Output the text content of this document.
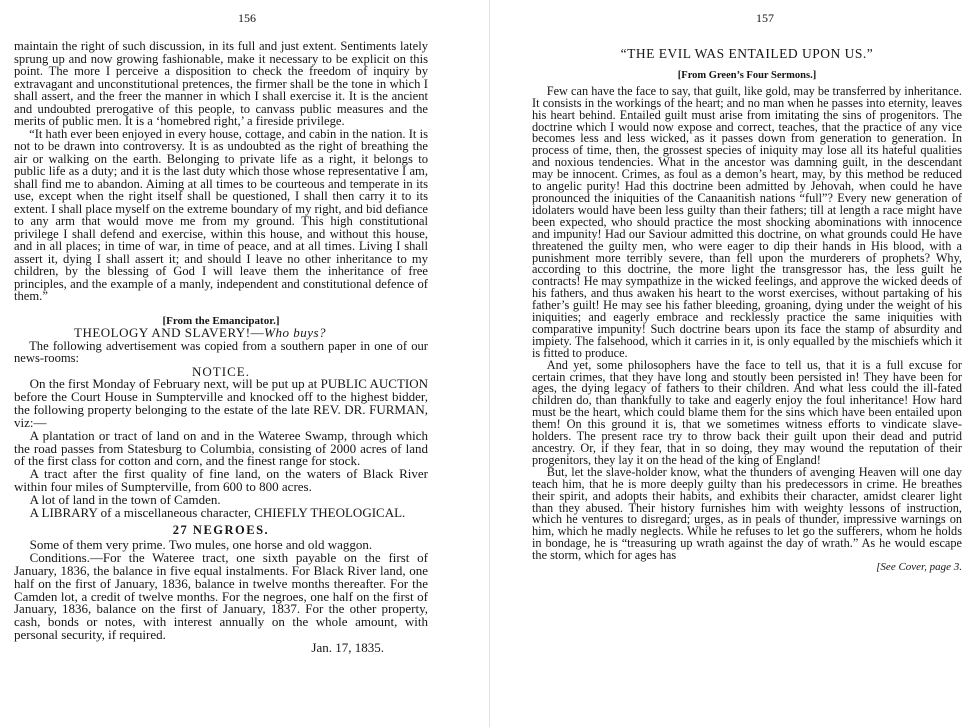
156

maintain the right of such discussion, in its full and just extent. Sentiments lately sprung up and now growing fashionable, make it necessary to be explicit on this point. The more I perceive a disposition to check the freedom of inquiry by extravagant and unconstitutional pretences, the firmer shall be the tone in which I shall assert, and the freer the manner in which I shall exercise it. It is the ancient and undoubted prerogative of this people, to canvass public measures and the merits of public men. It is a ‘homebred right,’ a fireside privilege.

“It hath ever been enjoyed in every house, cottage, and cabin in the nation. It is not to be drawn into controversy. It is as undoubted as the right of breathing the air or walking on the earth. Belonging to private life as a right, it belongs to public life as a duty; and it is the last duty which those whose representative I am, shall find me to abandon. Aiming at all times to be courteous and temperate in its use, except when the right itself shall be questioned, I shall then carry it to its extent. I shall place myself on the extreme boundary of my right, and bid defiance to any arm that would move me from my ground. This high constitutional privilege I shall defend and exercise, within this house, and without this house, and in all places; in time of war, in time of peace, and at all times. Living I shall assert it, dying I shall assert it; and should I leave no other inheritance to my children, by the blessing of God I will leave them the inheritance of free principles, and the example of a manly, independent and constitutional defence of them.”

[From the Emancipator.]
THEOLOGY AND SLAVERY!—Who buys?

The following advertisement was copied from a southern paper in one of our news-rooms:

NOTICE.

On the first Monday of February next, will be put up at PUBLIC AUCTION before the Court House in Sumpterville and knocked off to the highest bidder, the following property belonging to the estate of the late REV. DR. FURMAN, viz:—

A plantation or tract of land on and in the Wateree Swamp, through which the road passes from Statesburg to Columbia, consisting of 2000 acres of land of the first class for cotton and corn, and the finest range for stock.

A tract after the first quality of fine land, on the waters of Black River within four miles of Sumpterville, from 600 to 800 acres.

A lot of land in the town of Camden.

A LIBRARY of a miscellaneous character, CHIEFLY THEOLOGICAL.

27 NEGROES.

Some of them very prime. Two mules, one horse and old waggon.

Conditions.—For the Wateree tract, one sixth payable on the first of January, 1836, the balance in five equal instalments. For Black River land, one half on the first of January, 1836, balance in twelve months thereafter. For the Camden lot, a credit of twelve months. For the negroes, one half on the first of January, 1836, balance on the first of January, 1837. For the other property, cash, bonds or notes, with interest annually on the whole amount, with personal security, if required.

Jan. 17, 1835.
157
“THE EVIL WAS ENTAILED UPON US.”
[From Green’s Four Sermons.]

Few can have the face to say, that guilt, like gold, may be transferred by inheritance. It consists in the workings of the heart; and no man when he passes into eternity, leaves his heart behind. Entailed guilt must arise from imitating the sins of progenitors. The doctrine which I would now expose and correct, teaches, that the practice of any vice becomes less and less wicked, as it passes down from generation to generation. In process of time, then, the grossest species of iniquity may lose all its hateful qualities and noxious tendencies. What in the ancestor was damning guilt, in the descendant may be innocent. Crimes, as foul as a demon’s heart, may, by this method be reduced to angelic purity! Had this doctrine been admitted by Jehovah, when could he have pronounced the iniquities of the Canaanitish nations “full”? Every new generation of idolaters would have been less guilty than their fathers; till at length a race might have been expected, who should practice the most shocking abominations with innocence and impunity! Had our Saviour admitted this doctrine, on what grounds could He have threatened the guilty men, who were eager to dip their hands in His blood, with a punishment more terribly severe, than fell upon the murderers of prophets? Why, according to this doctrine, the more light the transgressor has, the less guilt he contracts! He may sympathize in the wicked feelings, and approve the wicked deeds of his fathers, and thus awaken his heart to the worst exercises, without partaking of his father’s guilt! He may see his father bleeding, groaning, dying under the weight of his iniquities; and eagerly embrace and recklessly practice the same iniquities with comparative impunity! Such doctrine bears upon its face the stamp of absurdity and impiety. The falsehood, which it carries in it, is only equalled by the mischiefs which it is fitted to produce.

And yet, some philosophers have the face to tell us, that it is a full excuse for certain crimes, that they have long and stoutly been persisted in! They have been for ages, the dying legacy of fathers to their children. And what less could the ill-fated children do, than thankfully to take and eagerly enjoy the foul inheritance! How hard must be the heart, which could blame them for the sins which have been entailed upon them! On this ground it is, that we sometimes witness efforts to vindicate slave-holders. The present race try to throw back their guilt upon their dead and putrid ancestry. Or, if they fear, that in so doing, they may wound the reputation of their progenitors, they lay it on the head of the king of England!

But, let the slave-holder know, what the thunders of avenging Heaven will one day teach him, that he is more deeply guilty than his predecessors in crime. He breathes their spirit, and adopts their habits, and exhibits their character, amidst clearer light than they abused. Their history furnishes him with weighty lessons of instruction, which he ventures to disregard; urges, as in peals of thunder, impressive warnings on him, which he madly neglects. While he refuses to let go the sufferers, whom he holds in bondage, he is “treasuring up wrath against the day of wrath.” As he would escape the storm, which for ages has

[See Cover, page 3.
